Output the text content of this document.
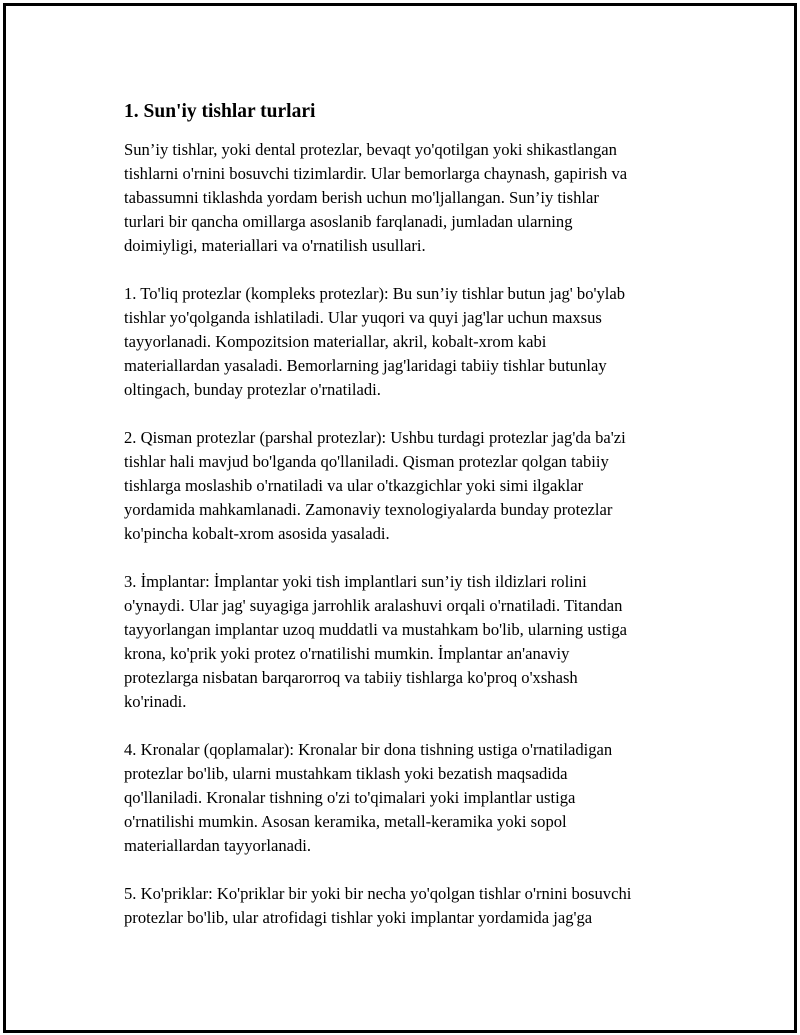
1. Sun'iy tishlar turlari

Sun’iy tishlar, yoki dental protezlar, bevaqt yo'qotilgan yoki shikastlangan
tishlarni o'rnini bosuvchi tizimlardir. Ular bemorlarga chaynash, gapirish va
tabassumni tiklashda yordam berish uchun mo'ljallangan. Sun’iy tishlar
turlari bir qancha omillarga asoslanib farqlanadi, jumladan ularning
doimiyligi, materiallari va o'rnatilish usullari.

1. To'liq protezlar (kompleks protezlar): Bu sun’iy tishlar butun jag' bo'ylab
tishlar yo'qolganda ishlatiladi. Ular yuqori va quyi jag'lar uchun maxsus
tayyorlanadi. Kompozitsion materiallar, akril, kobalt-xrom kabi
materiallardan yasaladi. Bemorlarning jag'laridagi tabiiy tishlar butunlay
oltingach, bunday protezlar o'rnatiladi.

2. Qisman protezlar (parshal protezlar): Ushbu turdagi protezlar jag'da ba'zi
tishlar hali mavjud bo'lganda qo'llaniladi. Qisman protezlar qolgan tabiiy
tishlarga moslashib o'rnatiladi va ular o'tkazgichlar yoki simi ilgaklar
yordamida mahkamlanadi. Zamonaviy texnologiyalarda bunday protezlar
ko'pincha kobalt-xrom asosida yasaladi.

3. İmplantar: İmplantar yoki tish implantlari sun’iy tish ildizlari rolini
o'ynaydi. Ular jag' suyagiga jarrohlik aralashuvi orqali o'rnatiladi. Titandan
tayyorlangan implantar uzoq muddatli va mustahkam bo'lib, ularning ustiga
krona, ko'prik yoki protez o'rnatilishi mumkin. İmplantar an'anaviy
protezlarga nisbatan barqarorroq va tabiiy tishlarga ko'proq o'xshash
ko'rinadi.

4. Kronalar (qoplamalar): Kronalar bir dona tishning ustiga o'rnatiladigan
protezlar bo'lib, ularni mustahkam tiklash yoki bezatish maqsadida
qo'llaniladi. Kronalar tishning o'zi to'qimalari yoki implantlar ustiga
o'rnatilishi mumkin. Asosan keramika, metall-keramika yoki sopol
materiallardan tayyorlanadi.

5. Ko'priklar: Ko'priklar bir yoki bir necha yo'qolgan tishlar o'rnini bosuvchi
protezlar bo'lib, ular atrofidagi tishlar yoki implantar yordamida jag'ga
